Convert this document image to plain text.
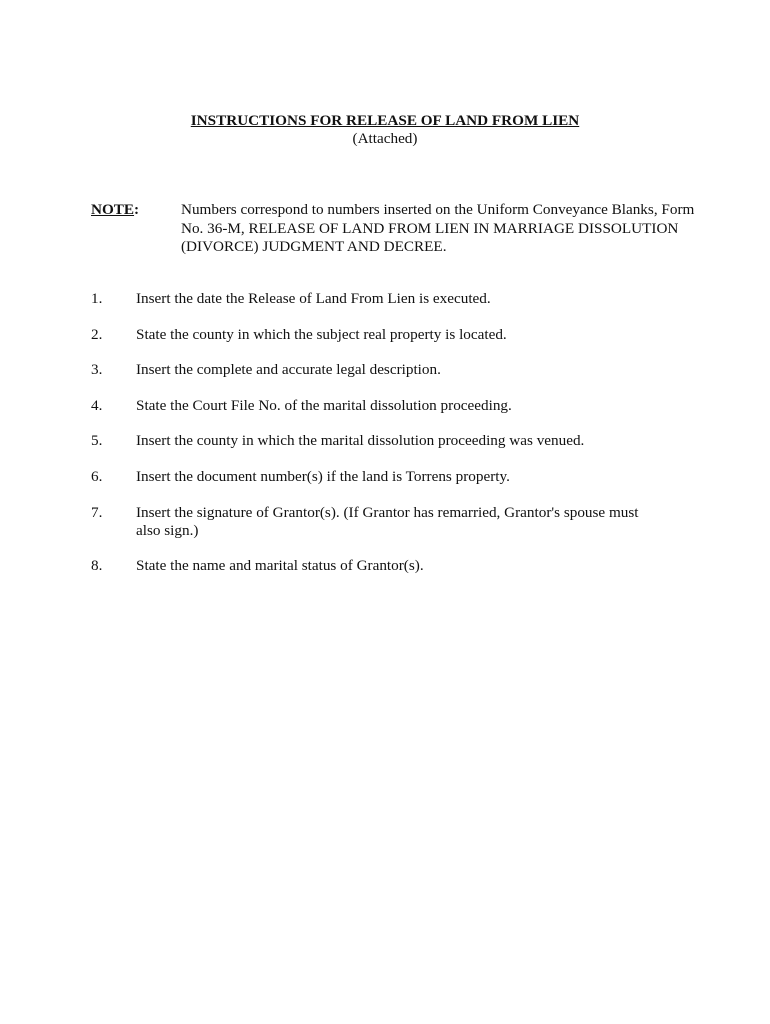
INSTRUCTIONS FOR RELEASE OF LAND FROM LIEN
(Attached)
NOTE:	Numbers correspond to numbers inserted on the Uniform Conveyance Blanks, Form No. 36-M, RELEASE OF LAND FROM LIEN IN MARRIAGE DISSOLUTION (DIVORCE) JUDGMENT AND DECREE.
1. Insert the date the Release of Land From Lien is executed.
2. State the county in which the subject real property is located.
3. Insert the complete and accurate legal description.
4. State the Court File No. of the marital dissolution proceeding.
5. Insert the county in which the marital dissolution proceeding was venued.
6. Insert the document number(s) if the land is Torrens property.
7. Insert the signature of Grantor(s). (If Grantor has remarried, Grantor's spouse must also sign.)
8. State the name and marital status of Grantor(s).
